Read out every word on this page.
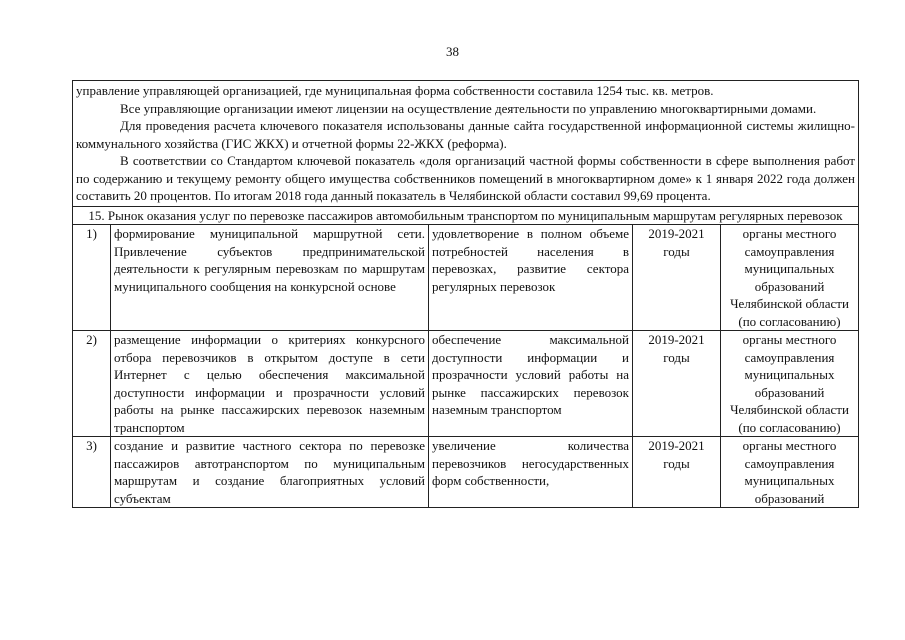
38

управление управляющей организацией, где муниципальная форма собственности составила 1254 тыс. кв. метров.

Все управляющие организации имеют лицензии на осуществление деятельности по управлению многоквартирными домами.

Для проведения расчета ключевого показателя использованы данные сайта государственной информационной системы жилищно-коммунального хозяйства (ГИС ЖКХ) и отчетной формы 22-ЖКХ (реформа).

В соответствии со Стандартом ключевой показатель «доля организаций частной формы собственности в сфере выполнения работ по содержанию и текущему ремонту общего имущества собственников помещений в многоквартирном доме» к 1 января 2022 года должен составить 20 процентов. По итогам 2018 года данный показатель в Челябинской области составил 99,69 процента.				

15. Рынок оказания услуг по перевозке пассажиров автомобильным транспортом по муниципальным маршрутам регулярных перевозок				
1)	формирование муниципальной маршрутной сети. Привлечение субъектов предпринимательской деятельности к регулярным перевозкам по маршрутам муниципального сообщения на конкурсной основе	удовлетворение в полном объеме потребностей населения в перевозках, развитие сектора регулярных перевозок	2019-2021 годы	органы местного самоуправления муниципальных образований Челябинской области (по согласованию)
2)	размещение информации о критериях конкурсного отбора перевозчиков в открытом доступе в сети Интернет с целью обеспечения максимальной доступности информации и прозрачности условий работы на рынке пассажирских перевозок наземным транспортом	обеспечение максимальной доступности информации и прозрачности условий работы на рынке пассажирских перевозок наземным транспортом	2019-2021 годы	органы местного самоуправления муниципальных образований Челябинской области (по согласованию)
3)	создание и развитие частного сектора по перевозке пассажиров автотранспортом по муниципальным маршрутам и создание благоприятных условий субъектам	увеличение количества перевозчиков негосударственных форм собственности,	2019-2021 годы	органы местного самоуправления муниципальных образований
